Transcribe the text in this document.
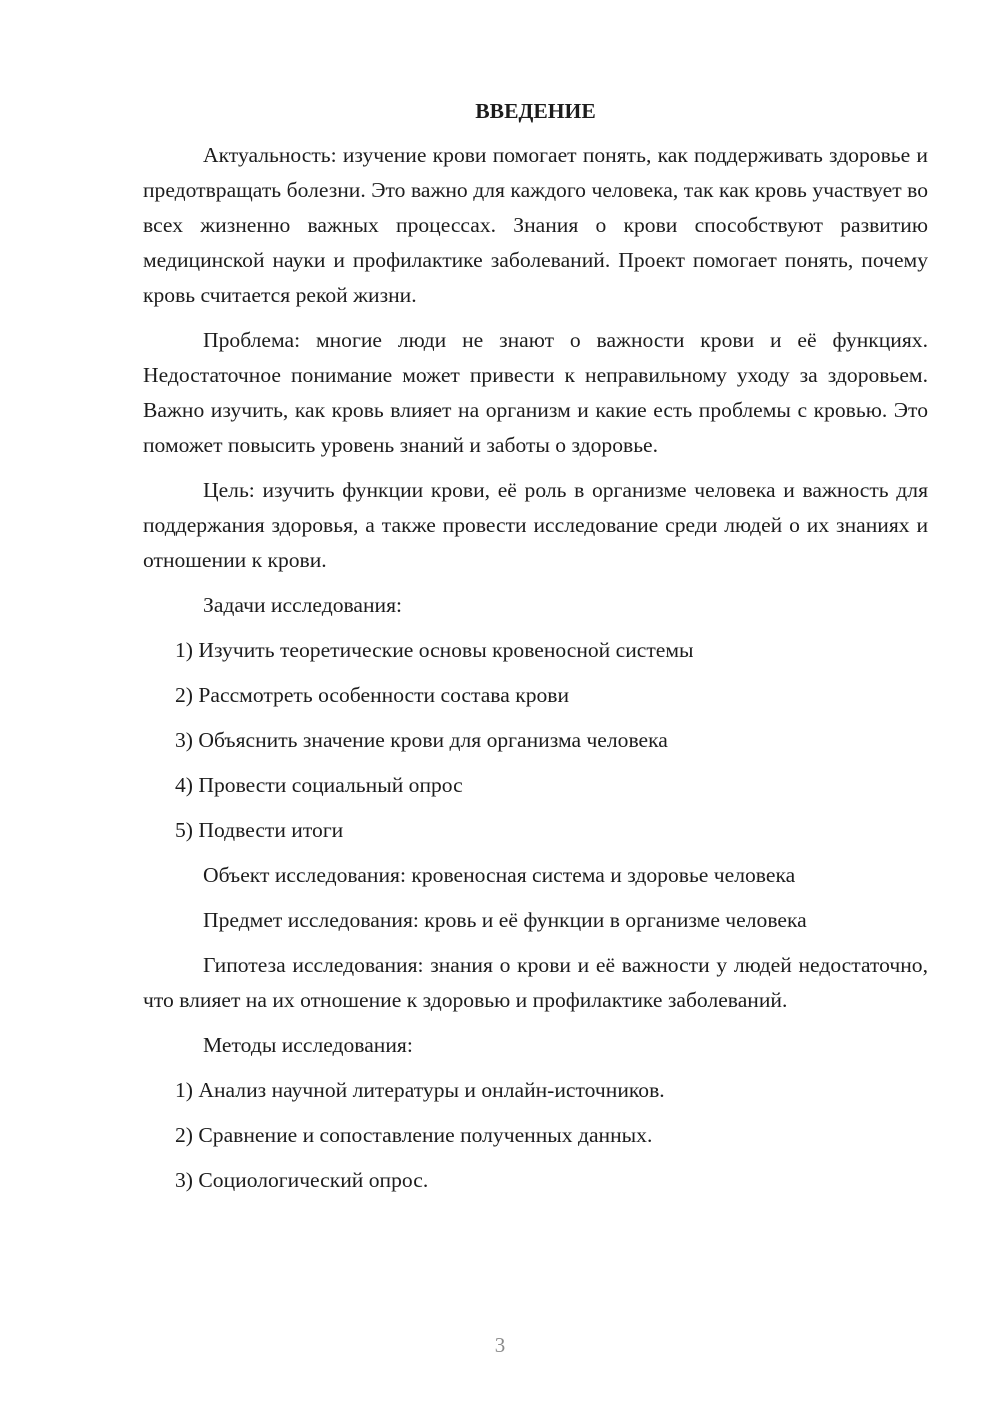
ВВЕДЕНИЕ

Актуальность: изучение крови помогает понять, как поддерживать здоровье и предотвращать болезни. Это важно для каждого человека, так как кровь участвует во всех жизненно важных процессах. Знания о крови способствуют развитию медицинской науки и профилактике заболеваний. Проект помогает понять, почему кровь считается рекой жизни.

Проблема: многие люди не знают о важности крови и её функциях. Недостаточное понимание может привести к неправильному уходу за здоровьем. Важно изучить, как кровь влияет на организм и какие есть проблемы с кровью. Это поможет повысить уровень знаний и заботы о здоровье.

Цель: изучить функции крови, её роль в организме человека и важность для поддержания здоровья, а также провести исследование среди людей о их знаниях и отношении к крови.

Задачи исследования:

1) Изучить теоретические основы кровеносной системы
2) Рассмотреть особенности состава крови
3) Объяснить значение крови для организма человека
4) Провести социальный опрос
5) Подвести итоги

Объект исследования: кровеносная система и здоровье человека

Предмет исследования: кровь и её функции в организме человека

Гипотеза исследования: знания о крови и её важности у людей недостаточно, что влияет на их отношение к здоровью и профилактике заболеваний.

Методы исследования:

1) Анализ научной литературы и онлайн-источников.
2) Сравнение и сопоставление полученных данных.
3) Социологический опрос.
3
